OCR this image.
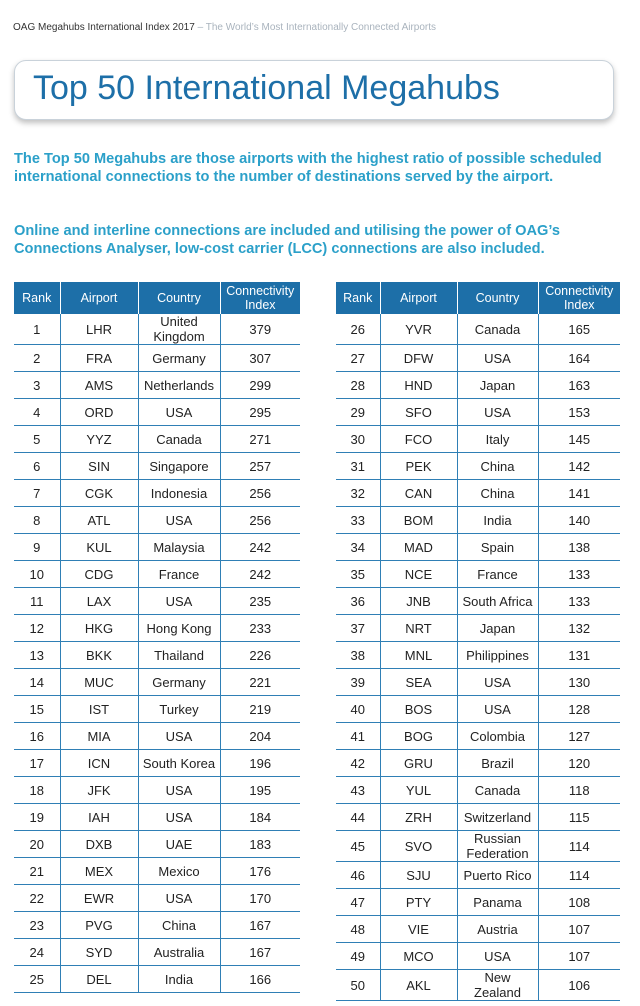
OAG Megahubs International Index 2017 – The World’s Most Internationally Connected Airports
Top 50 International Megahubs

The Top 50 Megahubs are those airports with the highest ratio of possible scheduled international connections to the number of destinations served by the airport.

Online and interline connections are included and utilising the power of OAG’s Connections Analyser, low-cost carrier (LCC) connections are also included.

Rank	Airport	Country	Connectivity
Index
1	LHR	United Kingdom	379
2	FRA	Germany	307
3	AMS	Netherlands	299
4	ORD	USA	295
5	YYZ	Canada	271
6	SIN	Singapore	257
7	CGK	Indonesia	256
8	ATL	USA	256
9	KUL	Malaysia	242
10	CDG	France	242
11	LAX	USA	235
12	HKG	Hong Kong	233
13	BKK	Thailand	226
14	MUC	Germany	221
15	IST	Turkey	219
16	MIA	USA	204
17	ICN	South Korea	196
18	JFK	USA	195
19	IAH	USA	184
20	DXB	UAE	183
21	MEX	Mexico	176
22	EWR	USA	170
23	PVG	China	167
24	SYD	Australia	167
25	DEL	India	166
Rank	Airport	Country	Connectivity
Index
26	YVR	Canada	165
27	DFW	USA	164
28	HND	Japan	163
29	SFO	USA	153
30	FCO	Italy	145
31	PEK	China	142
32	CAN	China	141
33	BOM	India	140
34	MAD	Spain	138
35	NCE	France	133
36	JNB	South Africa	133
37	NRT	Japan	132
38	MNL	Philippines	131
39	SEA	USA	130
40	BOS	USA	128
41	BOG	Colombia	127
42	GRU	Brazil	120
43	YUL	Canada	118
44	ZRH	Switzerland	115
45	SVO	Russian Federation	114
46	SJU	Puerto Rico	114
47	PTY	Panama	108
48	VIE	Austria	107
49	MCO	USA	107
50	AKL	New Zealand	106
